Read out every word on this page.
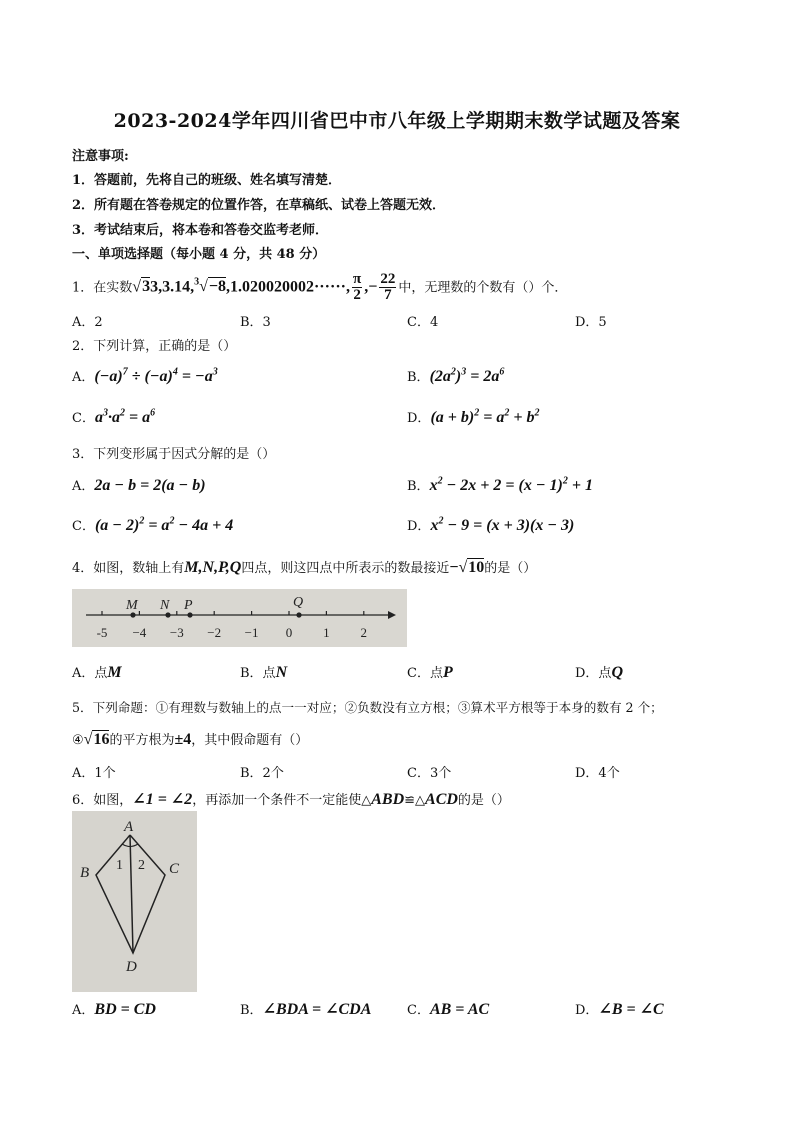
2023-2024学年四川省巴中市八年级上学期期末数学试题及答案
注意事项:
1．答题前，先将自己的班级、姓名填写清楚．
2．所有题在答卷规定的位置作答，在草稿纸、试卷上答题无效．
3．考试结束后，将本卷和答卷交监考老师．
一、单项选择题（每小题 4 分，共 48 分）
1．在实数√33,3.14,$^3$√−8,1.020020002······, $\frac{\pi}{2}$ ,− $\frac{22}{7}$ 中，无理数的个数有（）个．
A．2	B．3	C．4	D．5
2．下列计算，正确的是（）
A．$(-a)^7 \div (-a)^4 = -a^3$	B．$(2a^2)^3 = 2a^6$
C．$a^3\cdot a^2 = a^6$	D．$(a + b)^2 = a^2 + b^2$
3．下列变形属于因式分解的是（）
A．2a − b = 2(a − b)	B．$x^2 - 2x + 2 = (x - 1)^2 + 1$
C．$(a - 2)^2 = a^2 - 4a + 4$	D．$x^2 - 9 = (x + 3)(x - 3)$
4．如图，数轴上有M,N,P,Q四点，则这四点中所表示的数最接近−√10的是（）
-5 −4 −3 −2 −1 0 1 2
M N P	Q
A．点M	B．点N	C．点P	D．点Q
5．下列命题：①有理数与数轴上的点一一对应；②负数没有立方根；③算术平方根等于本身的数有 2 个；
④√16的平方根为±4，其中假命题有（）
A．1个	B．2个	C．3个	D．4个
6．如图，∠1 = ∠2，再添加一个条件不一定能使△ABD≌△ACD的是（）
A
B	C
D
1 2
A．BD = CD	B．∠BDA = ∠CDA	C．AB = AC	D．∠B = ∠C
